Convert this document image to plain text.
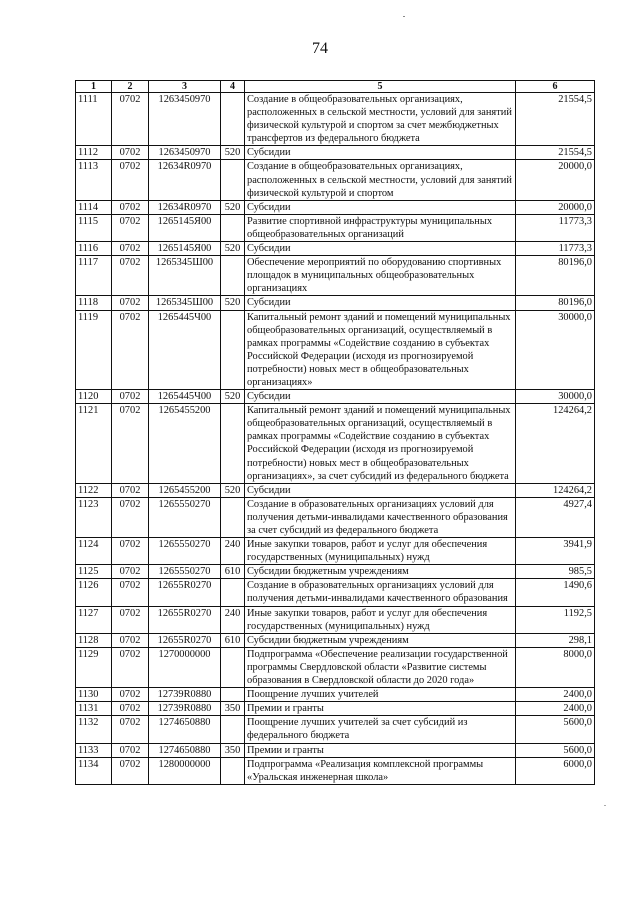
74
1	2	3	4	5	6
1111	0702	1263450970		Создание в общеобразовательных организациях, расположенных в сельской местности, условий для занятий физической культурой и спортом за счет межбюджетных трансфертов из федерального бюджета	21554,5
1112	0702	1263450970	520	Субсидии	21554,5
1113	0702	12634R0970		Создание в общеобразовательных организациях, расположенных в сельской местности, условий для занятий физической культурой и спортом	20000,0
1114	0702	12634R0970	520	Субсидии	20000,0
1115	0702	1265145Я00		Развитие спортивной инфраструктуры муниципальных общеобразовательных организаций	11773,3
1116	0702	1265145Я00	520	Субсидии	11773,3
1117	0702	1265345Ш00		Обеспечение мероприятий по оборудованию спортивных площадок в муниципальных общеобразовательных организациях	80196,0
1118	0702	1265345Ш00	520	Субсидии	80196,0
1119	0702	1265445Ч00		Капитальный ремонт зданий и помещений муниципальных общеобразовательных организаций, осуществляемый в рамках программы «Содействие созданию в субъектах Российской Федерации (исходя из прогнозируемой потребности) новых мест в общеобразовательных организациях»	30000,0
1120	0702	1265445Ч00	520	Субсидии	30000,0
1121	0702	1265455200		Капитальный ремонт зданий и помещений муниципальных общеобразовательных организаций, осуществляемый в рамках программы «Содействие созданию в субъектах Российской Федерации (исходя из прогнозируемой потребности) новых мест в общеобразовательных организациях», за счет субсидий из федерального бюджета	124264,2
1122	0702	1265455200	520	Субсидии	124264,2
1123	0702	1265550270		Создание в образовательных организациях условий для получения детьми-инвалидами качественного образования за счет субсидий из федерального бюджета	4927,4
1124	0702	1265550270	240	Иные закупки товаров, работ и услуг для обеспечения государственных (муниципальных) нужд	3941,9
1125	0702	1265550270	610	Субсидии бюджетным учреждениям	985,5
1126	0702	12655R0270		Создание в образовательных организациях условий для получения детьми-инвалидами качественного образования	1490,6
1127	0702	12655R0270	240	Иные закупки товаров, работ и услуг для обеспечения государственных (муниципальных) нужд	1192,5
1128	0702	12655R0270	610	Субсидии бюджетным учреждениям	298,1
1129	0702	1270000000		Подпрограмма «Обеспечение реализации государственной программы Свердловской области «Развитие системы образования в Свердловской области до 2020 года»	8000,0
1130	0702	12739R0880		Поощрение лучших учителей	2400,0
1131	0702	12739R0880	350	Премии и гранты	2400,0
1132	0702	1274650880		Поощрение лучших учителей за счет субсидий из федерального бюджета	5600,0
1133	0702	1274650880	350	Премии и гранты	5600,0
1134	0702	1280000000		Подпрограмма «Реализация комплексной программы «Уральская инженерная школа»	6000,0
